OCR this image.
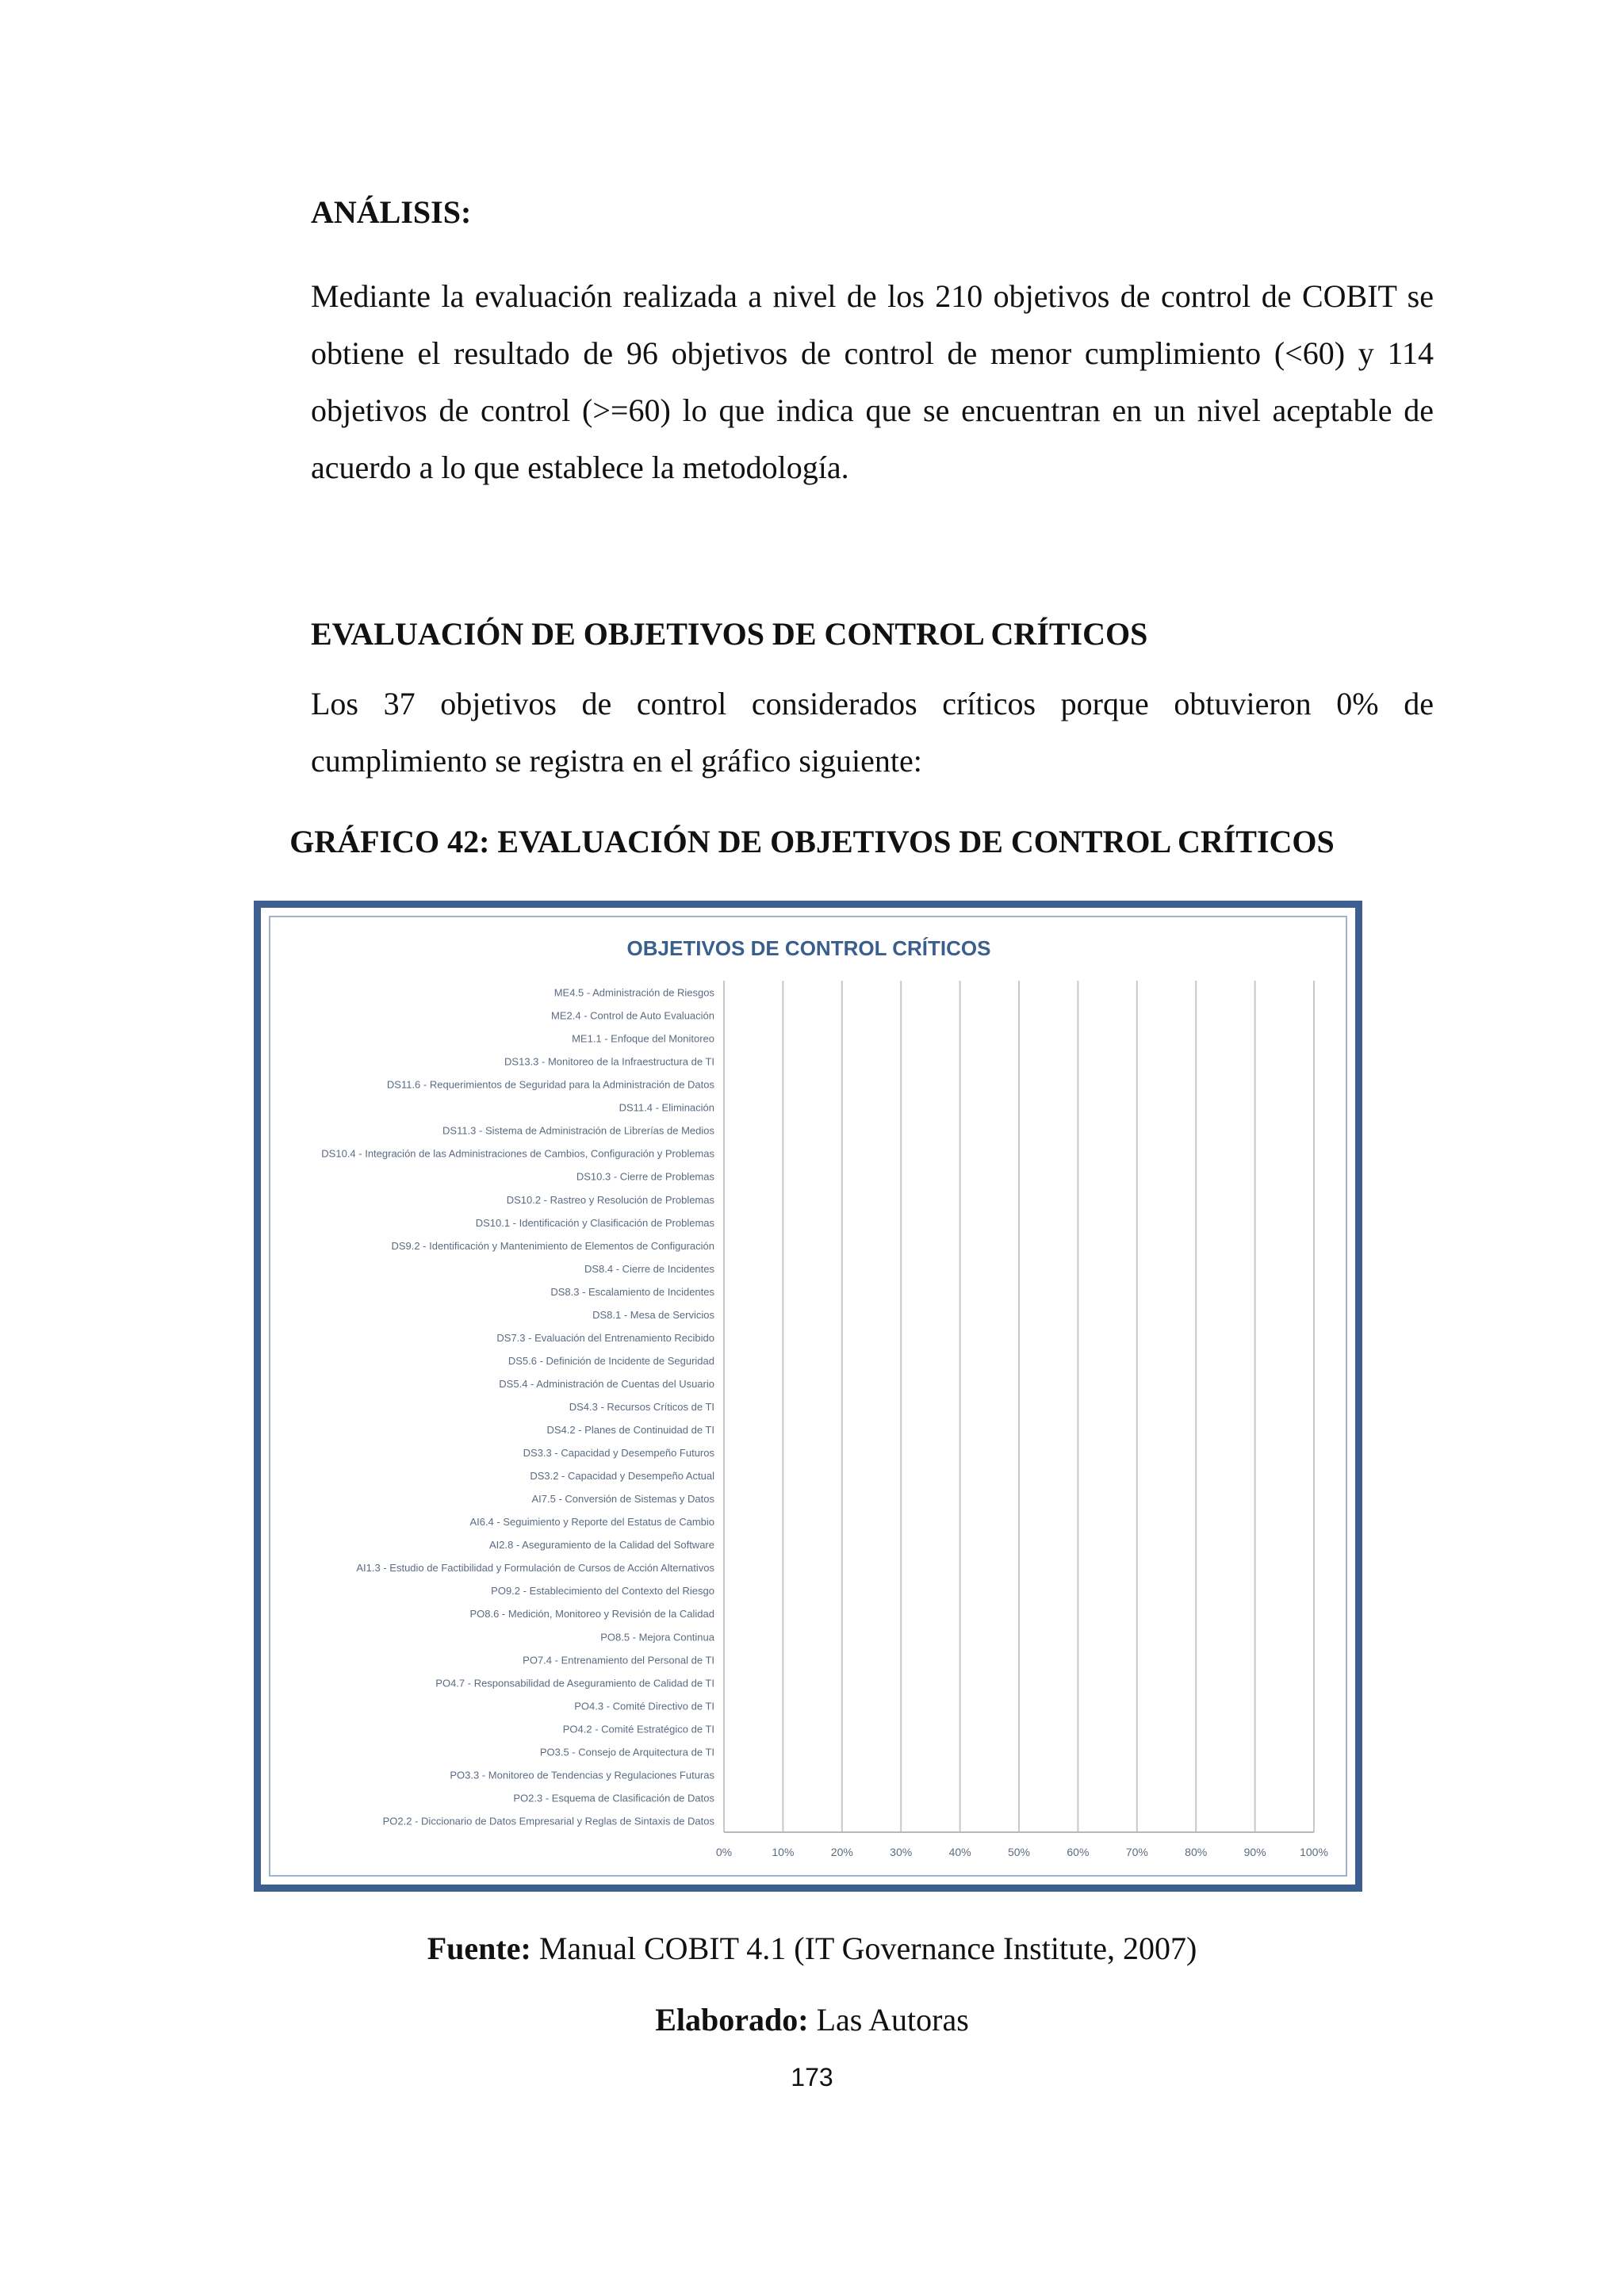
ANÁLISIS:

Mediante la evaluación realizada a nivel de los 210 objetivos de control de COBIT se obtiene el resultado de 96 objetivos de control de menor cumplimiento (<60) y 114 objetivos de control (>=60) lo que indica que se encuentran en un nivel aceptable de acuerdo a lo que establece la metodología.

EVALUACIÓN DE OBJETIVOS DE CONTROL CRÍTICOS

Los 37 objetivos de control considerados críticos porque obtuvieron 0% de cumplimiento se registra en el gráfico siguiente:

GRÁFICO 42: EVALUACIÓN DE OBJETIVOS DE CONTROL CRÍTICOS

OBJETIVOS DE CONTROL CRÍTICOS
0%	10%	20%	30%	40%	50%	60%	70%	80%	90%	100%
ME4.5 - Administración de Riesgos
ME2.4 - Control de Auto Evaluación
ME1.1 - Enfoque del Monitoreo
DS13.3 - Monitoreo de la Infraestructura de TI
DS11.6 - Requerimientos de Seguridad para la Administración de Datos
DS11.4 - Eliminación
DS11.3 - Sistema de Administración de Librerías de Medios
DS10.4 - Integración de las Administraciones de Cambios, Configuración y Problemas
DS10.3 - Cierre de Problemas
DS10.2 - Rastreo y Resolución de Problemas
DS10.1 - Identificación y Clasificación de Problemas
DS9.2 - Identificación y Mantenimiento de Elementos de Configuración
DS8.4 - Cierre de Incidentes
DS8.3 - Escalamiento de Incidentes
DS8.1 - Mesa de Servicios
DS7.3 - Evaluación del Entrenamiento Recibido
DS5.6 - Definición de Incidente de Seguridad
DS5.4 - Administración de Cuentas del Usuario
DS4.3 - Recursos Críticos de TI
DS4.2 - Planes de Continuidad de TI
DS3.3 - Capacidad y Desempeño Futuros
DS3.2 - Capacidad y Desempeño Actual
AI7.5 - Conversión de Sistemas y Datos
AI6.4 - Seguimiento y Reporte del Estatus de Cambio
AI2.8 - Aseguramiento de la Calidad del Software
AI1.3 - Estudio de Factibilidad y Formulación de Cursos de Acción Alternativos
PO9.2 - Establecimiento del Contexto del Riesgo
PO8.6 - Medición, Monitoreo y Revisión de la Calidad
PO8.5 - Mejora Continua
PO7.4 - Entrenamiento del Personal de TI
PO4.7 - Responsabilidad de Aseguramiento de Calidad de TI
PO4.3 - Comité Directivo de TI
PO4.2 - Comité Estratégico de TI
PO3.5 - Consejo de Arquitectura de TI
PO3.3 - Monitoreo de Tendencias y Regulaciones Futuras
PO2.3 - Esquema de Clasificación de Datos
PO2.2 - Diccionario de Datos Empresarial y Reglas de Sintaxis de Datos

Fuente: Manual COBIT 4.1 (IT Governance Institute, 2007)

Elaborado: Las Autoras

173
